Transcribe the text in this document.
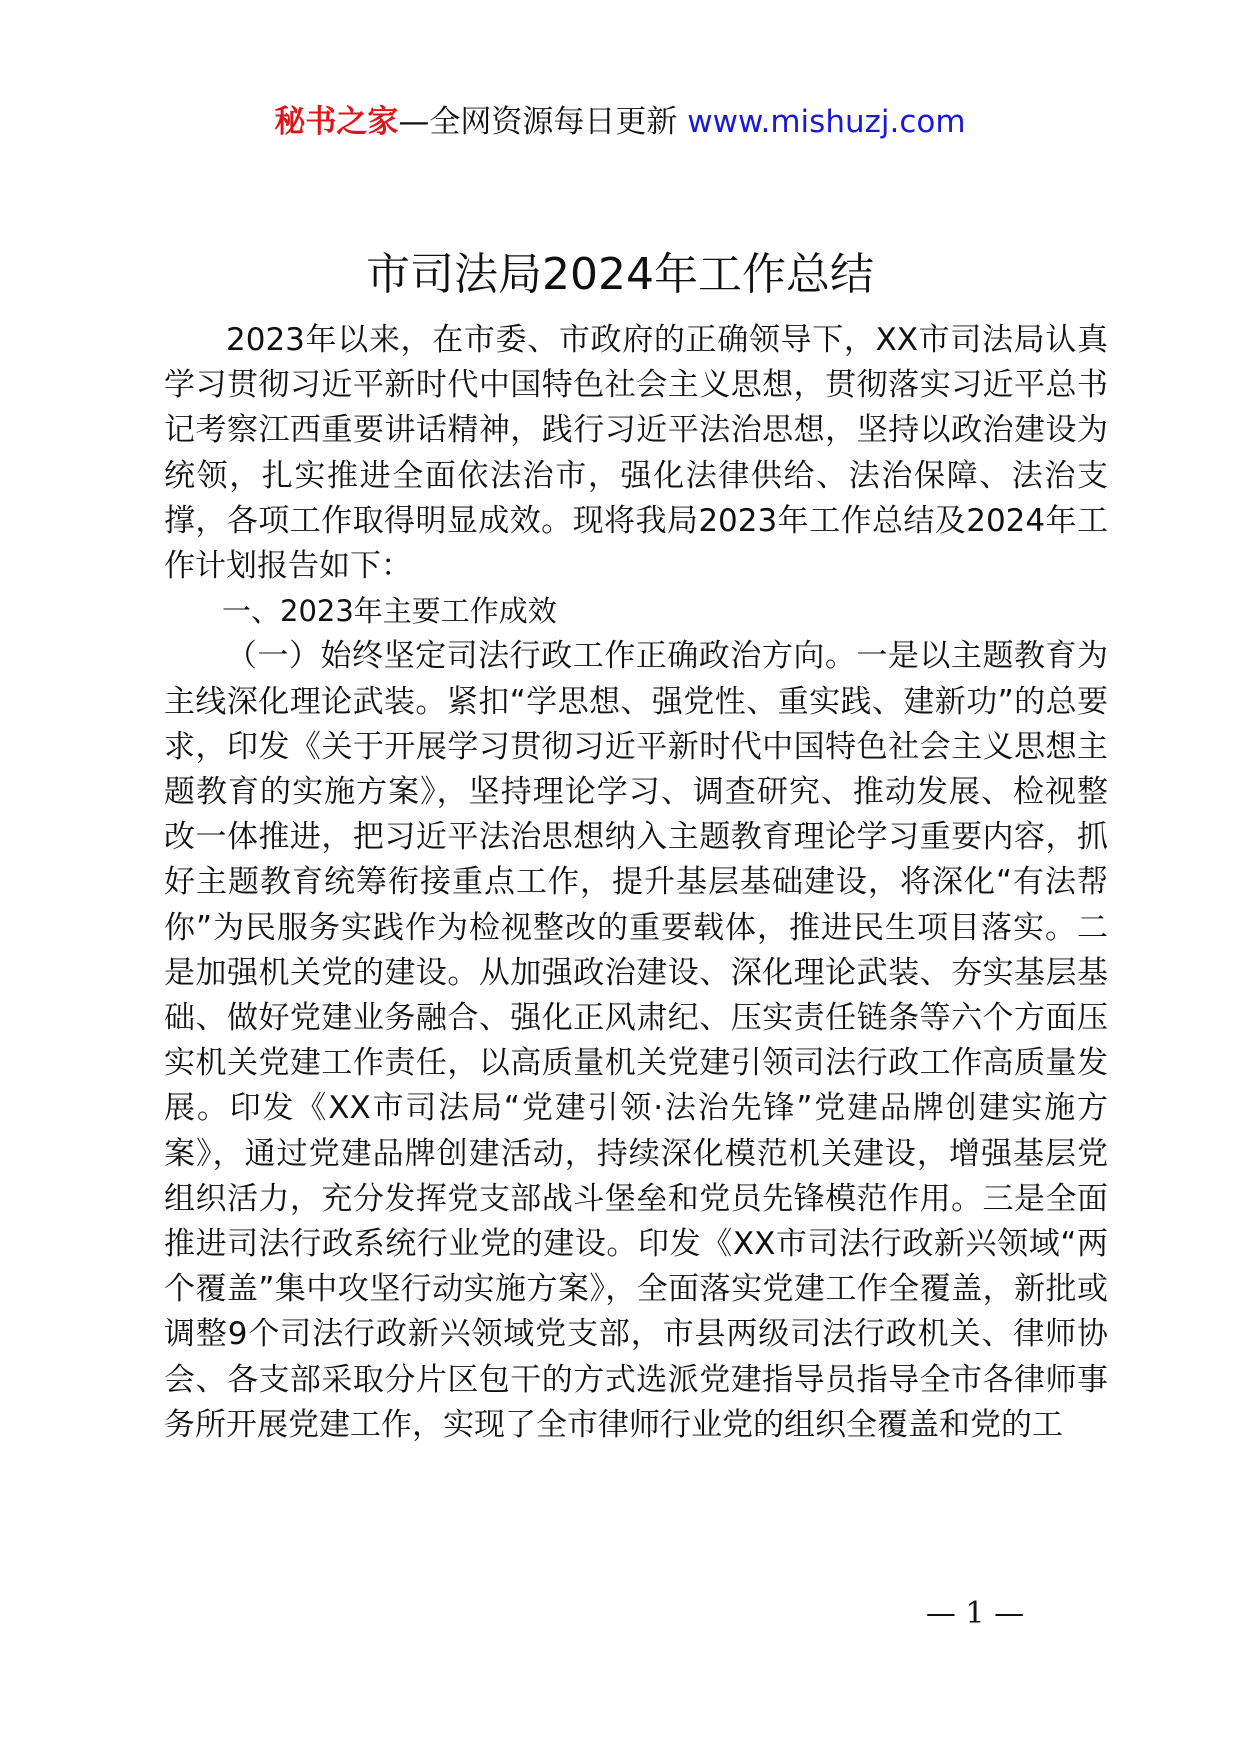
秘书之家—全网资源每日更新 www.mishuzj.com
市司法局2024年工作总结

2023年以来，在市委、市政府的正确领导下，XX市司法局认真学习贯彻习近平新时代中国特色社会主义思想，贯彻落实习近平总书记考察江西重要讲话精神，践行习近平法治思想，坚持以政治建设为统领，扎实推进全面依法治市，强化法律供给、法治保障、法治支撑，各项工作取得明显成效。现将我局2023年工作总结及2024年工作计划报告如下：

一、2023年主要工作成效

（一）始终坚定司法行政工作正确政治方向。一是以主题教育为主线深化理论武装。紧扣“学思想、强党性、重实践、建新功”的总要求，印发《关于开展学习贯彻习近平新时代中国特色社会主义思想主题教育的实施方案》，坚持理论学习、调查研究、推动发展、检视整改一体推进，把习近平法治思想纳入主题教育理论学习重要内容，抓好主题教育统筹衔接重点工作，提升基层基础建设，将深化“有法帮你”为民服务实践作为检视整改的重要载体，推进民生项目落实。二是加强机关党的建设。从加强政治建设、深化理论武装、夯实基层基础、做好党建业务融合、强化正风肃纪、压实责任链条等六个方面压实机关党建工作责任，以高质量机关党建引领司法行政工作高质量发展。印发《XX市司法局“党建引领·法治先锋”党建品牌创建实施方案》，通过党建品牌创建活动，持续深化模范机关建设，增强基层党组织活力，充分发挥党支部战斗堡垒和党员先锋模范作用。三是全面推进司法行政系统行业党的建设。印发《XX市司法行政新兴领域“两个覆盖”集中攻坚行动实施方案》，全面落实党建工作全覆盖，新批或调整9个司法行政新兴领域党支部，市县两级司法行政机关、律师协会、各支部采取分片区包干的方式选派党建指导员指导全市各律师事务所开展党建工作，实现了全市律师行业党的组织全覆盖和党的工

— 1 —
